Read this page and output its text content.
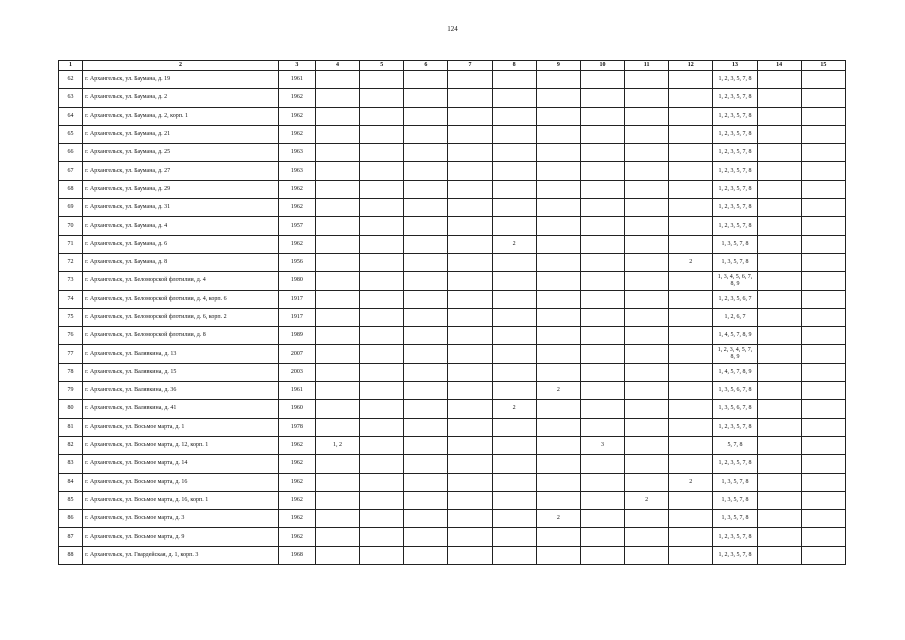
124
1	2	3	4	5	6	7	8	9	10	11	12	13	14	15
62	г. Архангельск, ул. Баумана, д. 19	1961										1, 2, 3, 5, 7, 8		
63	г. Архангельск, ул. Баумана, д. 2	1962										1, 2, 3, 5, 7, 8		
64	г. Архангельск, ул. Баумана, д. 2, корп. 1	1962										1, 2, 3, 5, 7, 8		
65	г. Архангельск, ул. Баумана, д. 21	1962										1, 2, 3, 5, 7, 8		
66	г. Архангельск, ул. Баумана, д. 25	1963										1, 2, 3, 5, 7, 8		
67	г. Архангельск, ул. Баумана, д. 27	1963										1, 2, 3, 5, 7, 8		
68	г. Архангельск, ул. Баумана, д. 29	1962										1, 2, 3, 5, 7, 8		
69	г. Архангельск, ул. Баумана, д. 31	1962										1, 2, 3, 5, 7, 8		
70	г. Архангельск, ул. Баумана, д. 4	1957										1, 2, 3, 5, 7, 8		
71	г. Архангельск, ул. Баумана, д. 6	1962					2					1, 3, 5, 7, 8		
72	г. Архангельск, ул. Баумана, д. 8	1956									2	1, 3, 5, 7, 8		
73	г. Архангельск, ул. Беломорской флотилии, д. 4	1980										1, 3, 4, 5, 6, 7, 8, 9		
74	г. Архангельск, ул. Беломорской флотилии, д. 4, корп. 6	1917										1, 2, 3, 5, 6, 7		
75	г. Архангельск, ул. Беломорской флотилии, д. 6, корп. 2	1917										1, 2, 6, 7		
76	г. Архангельск, ул. Беломорской флотилии, д. 8	1989										1, 4, 5, 7, 8, 9		
77	г. Архангельск, ул. Валявкина, д. 13	2007										1, 2, 3, 4, 5, 7, 8, 9		
78	г. Архангельск, ул. Валявкина, д. 15	2003										1, 4, 5, 7, 8, 9		
79	г. Архангельск, ул. Валявкина, д. 36	1961						2				1, 3, 5, 6, 7, 8		
80	г. Архангельск, ул. Валявкина, д. 41	1960					2					1, 3, 5, 6, 7, 8		
81	г. Архангельск, ул. Восьмое марта, д. 1	1978										1, 2, 3, 5, 7, 8		
82	г. Архангельск, ул. Восьмое марта, д. 12, корп. 1	1962	1, 2						3			5, 7, 8		
83	г. Архангельск, ул. Восьмое марта, д. 14	1962										1, 2, 3, 5, 7, 8		
84	г. Архангельск, ул. Восьмое марта, д. 16	1962									2	1, 3, 5, 7, 8		
85	г. Архангельск, ул. Восьмое марта, д. 16, корп. 1	1962								2		1, 3, 5, 7, 8		
86	г. Архангельск, ул. Восьмое марта, д. 3	1962						2				1, 3, 5, 7, 8		
87	г. Архангельск, ул. Восьмое марта, д. 9	1962										1, 2, 3, 5, 7, 8		
88	г. Архангельск, ул. Гвардейская, д. 1, корп. 3	1968										1, 2, 3, 5, 7, 8		
